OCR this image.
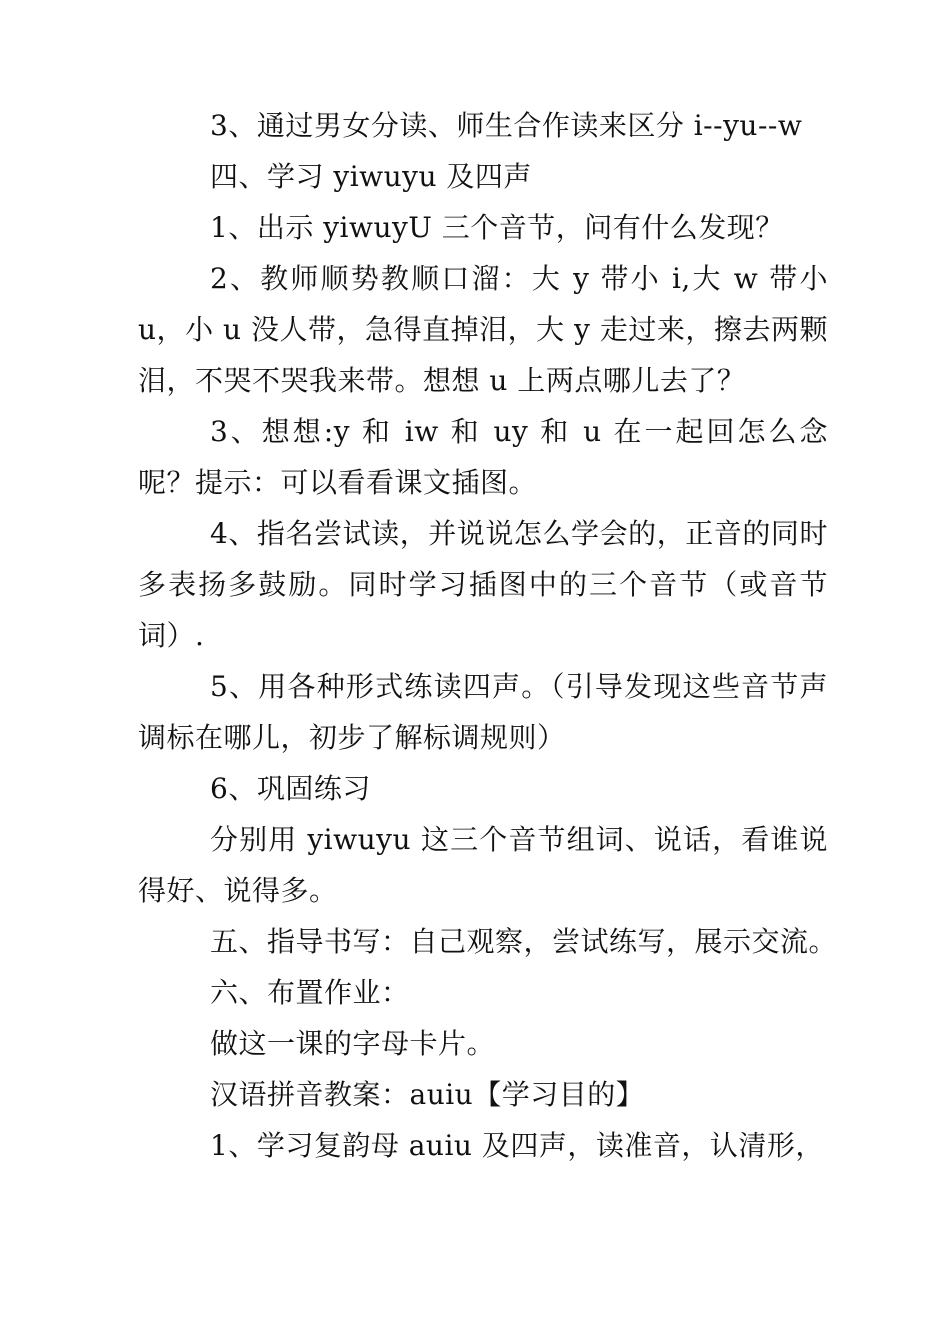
3、通过男女分读、师生合作读来区分 i--yu--w

四、学习 yiwuyu 及四声

1、出示 yiwuyU 三个音节，问有什么发现？

2、教师顺势教顺口溜：大 y 带小 i,大 w 带小 u，小 u 没人带，急得直掉泪，大 y 走过来，擦去两颗泪，不哭不哭我来带。想想 u 上两点哪儿去了？

3、想想:y 和 iw 和 uy 和 u 在一起回怎么念呢？提示：可以看看课文插图。

4、指名尝试读，并说说怎么学会的，正音的同时多表扬多鼓励。同时学习插图中的三个音节（或音节词）.

5、用各种形式练读四声。（引导发现这些音节声调标在哪儿，初步了解标调规则）

6、巩固练习

分别用 yiwuyu 这三个音节组词、说话，看谁说得好、说得多。

五、指导书写：自己观察，尝试练写，展示交流。

六、布置作业：

做这一课的字母卡片。

汉语拼音教案：auiu【学习目的】

1、学习复韵母 auiu 及四声，读准音，认清形，
